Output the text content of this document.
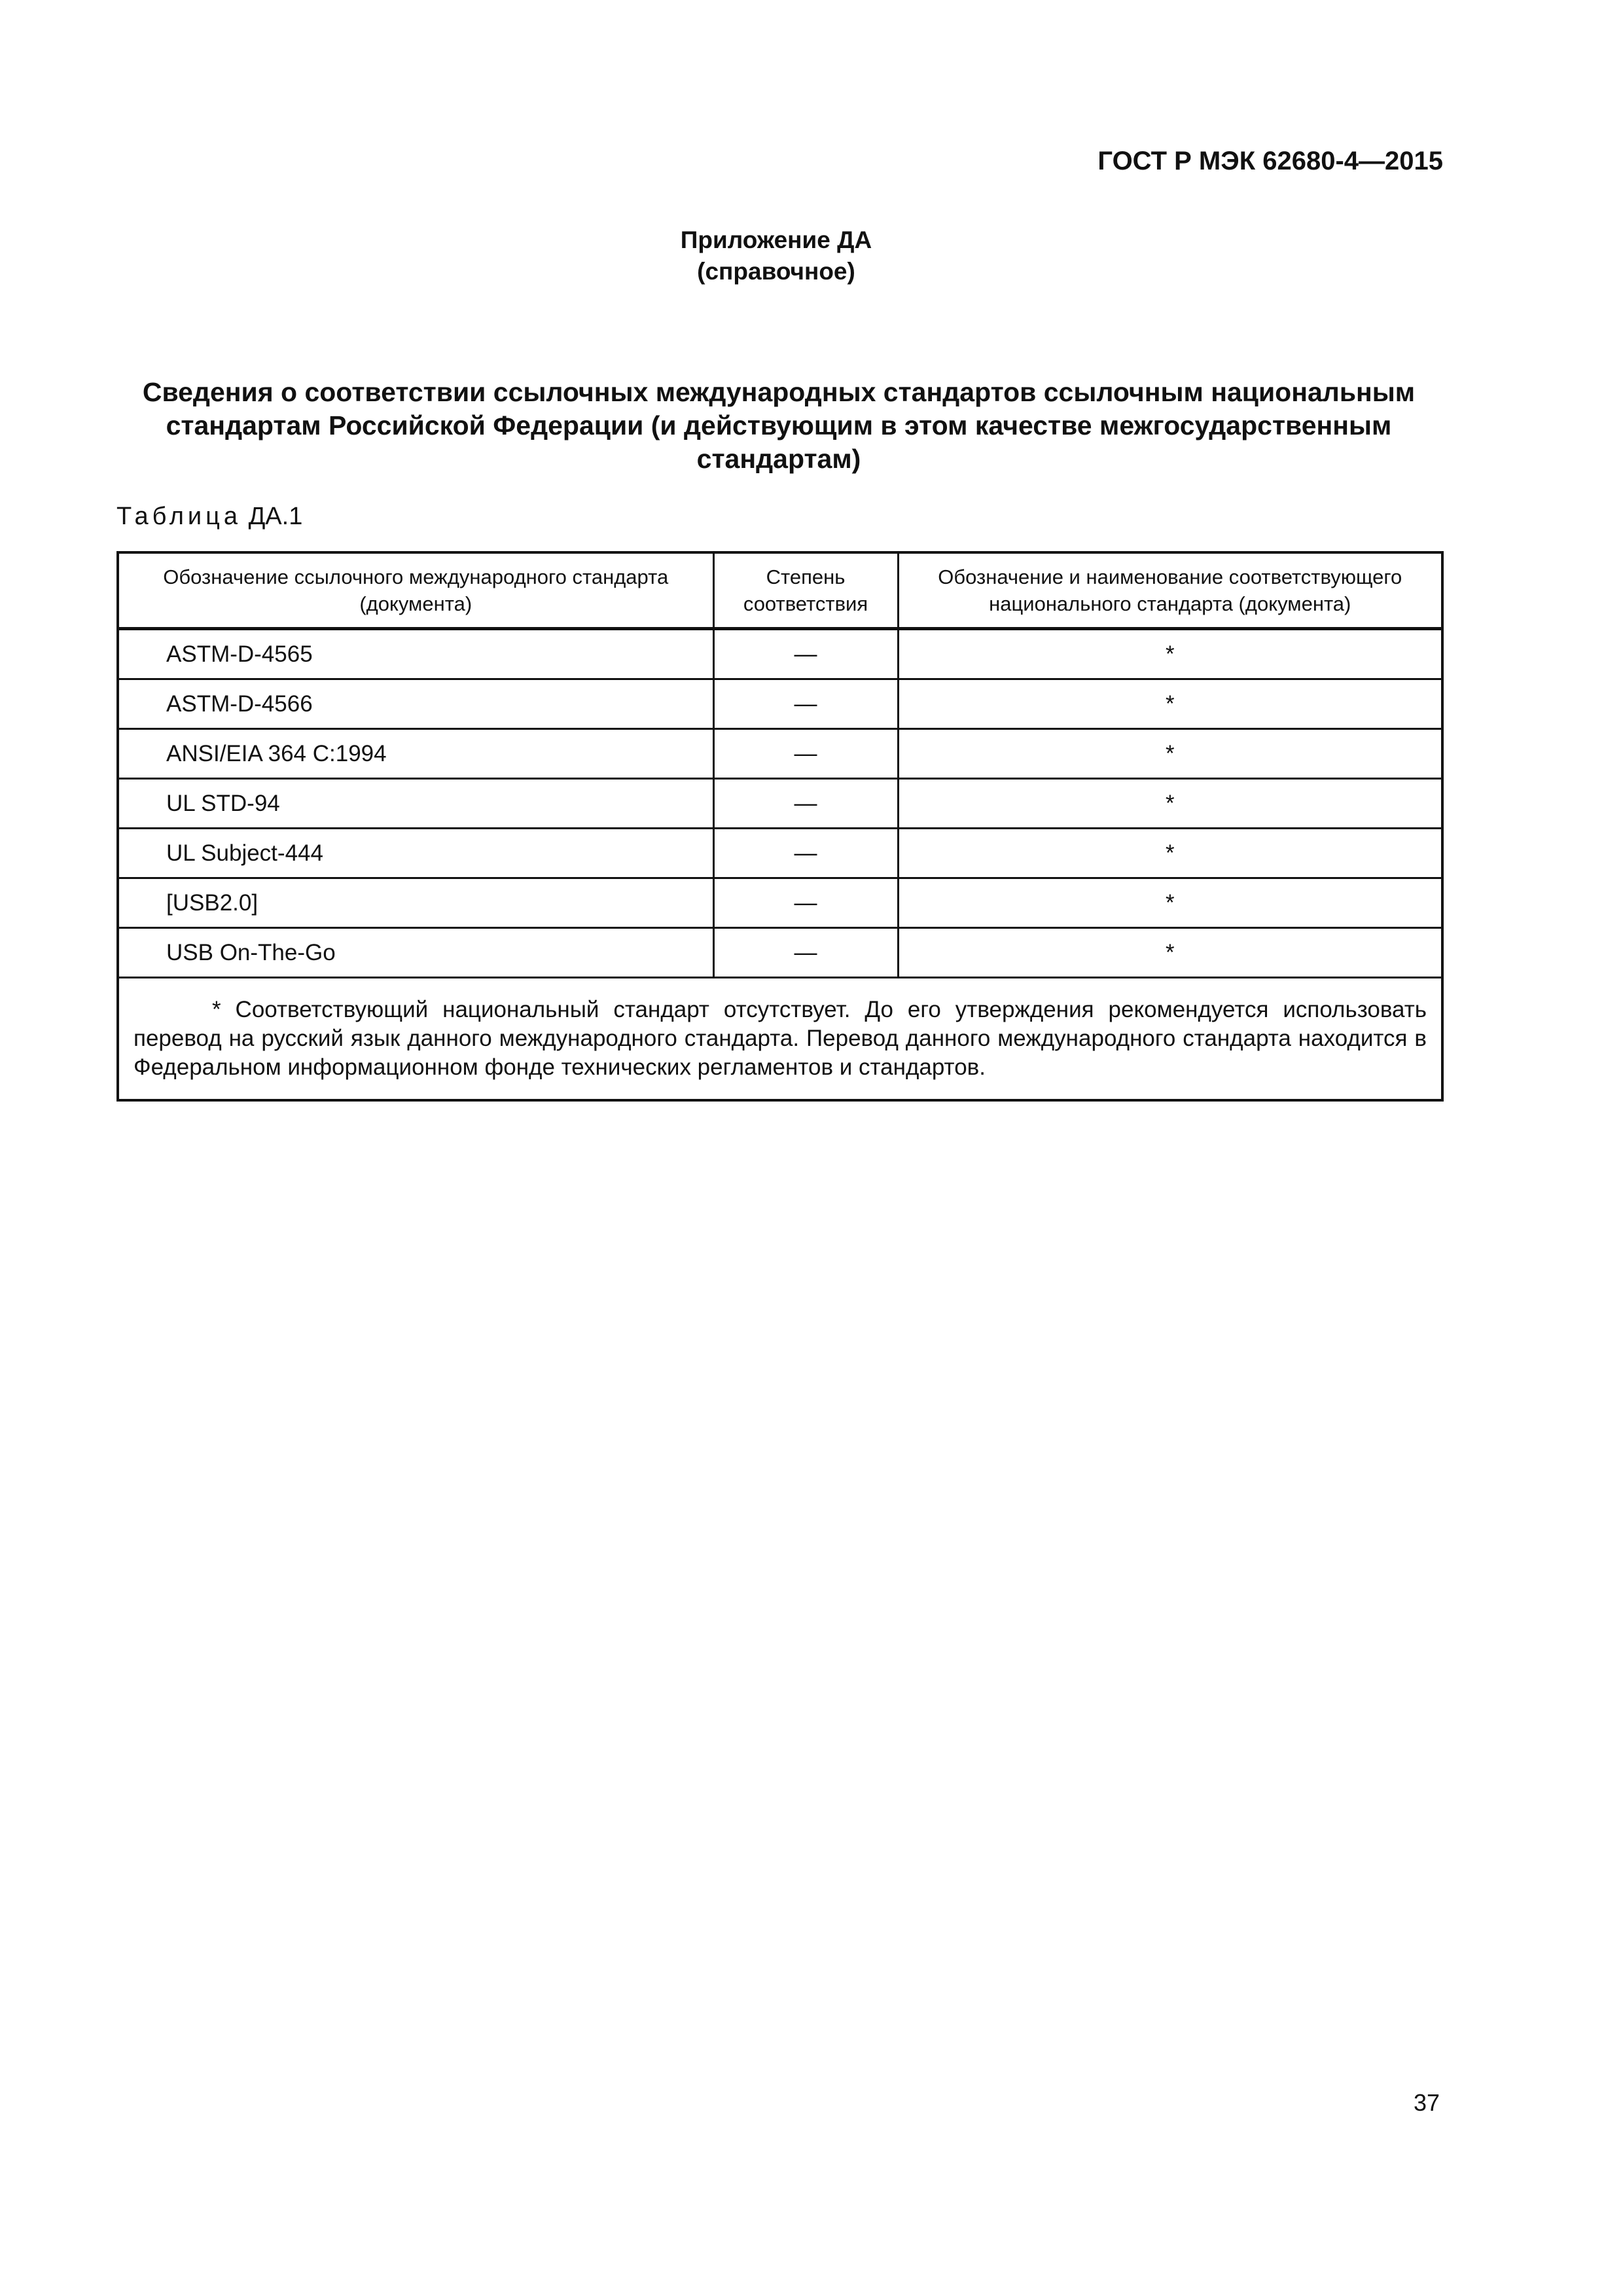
ГОСТ Р МЭК 62680-4—2015
Приложение ДА
(справочное)
Сведения о соответствии ссылочных международных стандартов ссылочным национальным
стандартам Российской Федерации (и действующим в этом качестве межгосударственным
стандартам)
Таблица ДА.1
Обозначение ссылочного международного стандарта (документа)	Степень соответствия	Обозначение и наименование соответствующего национального стандарта (документа)
ASTM-D-4565	—	*
ASTM-D-4566	—	*
ANSI/EIA 364 C:1994	—	*
UL STD-94	—	*
UL Subject-444	—	*
[USB2.0]	—	*
USB On-The-Go	—	*
* Соответствующий национальный стандарт отсутствует. До его утверждения рекомендуется использовать перевод на русский язык данного международного стандарта. Перевод данного международного стандарта находится в Федеральном информационном фонде технических регламентов и стандартов.		
37
